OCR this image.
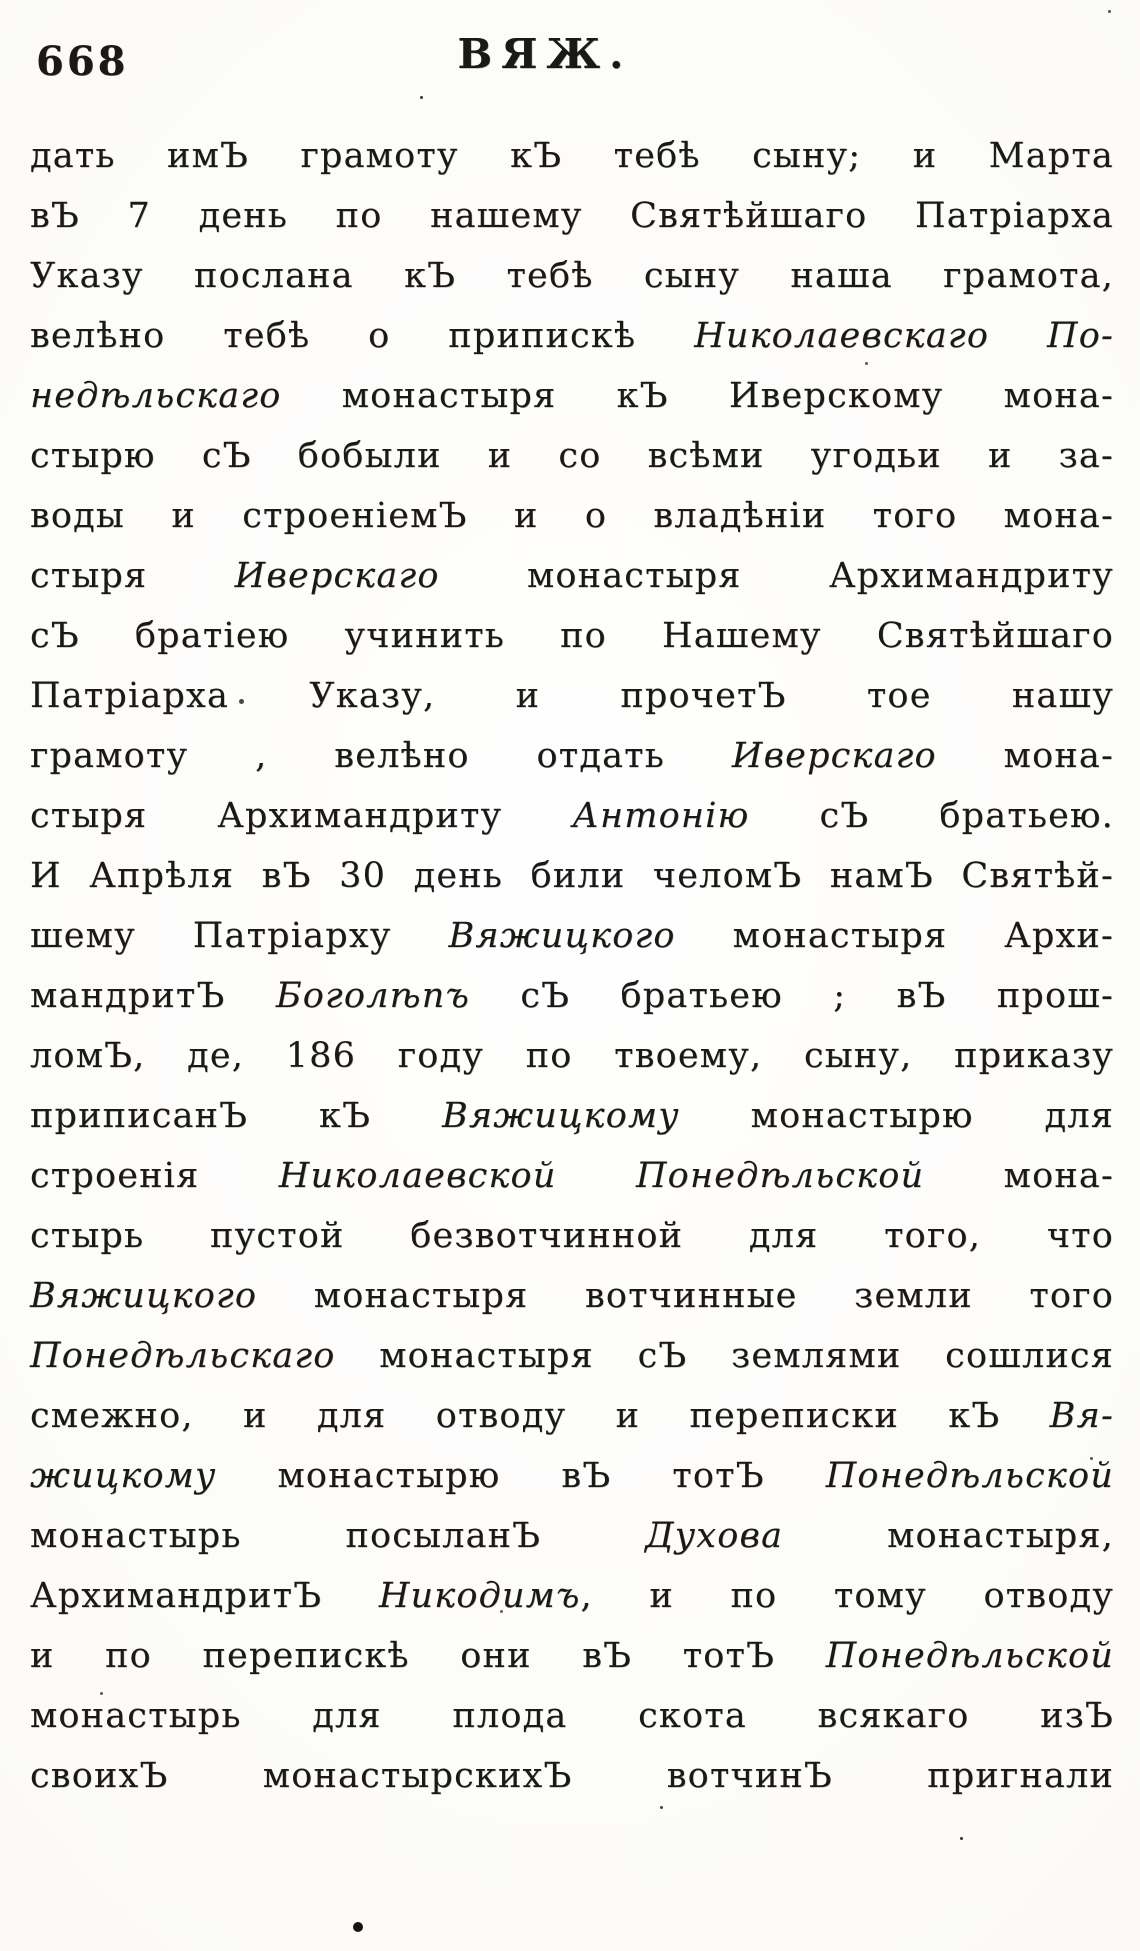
668	ВЯЖ.
дать имЪ грамоту кЪ тебѣ сыну; и Марта
вЪ 7 день по нашему Святѣйшаго Патріарха
Указу послана кЪ тебѣ сыну наша грамота,
велѣно тебѣ о припискѣ Николаевскаго По-
недѣльскаго монастыря кЪ Иверскому мона-
стырю сЪ бобыли и со всѣми угодьи и за-
воды и строеніемЪ и о владѣніи того мона-
стыря Иверскаго монастыря Архимандриту
сЪ братіею учинить по Нашему Святѣйшаго
Патріарха Указу, и прочетЪ тое нашу
грамоту , велѣно отдать Иверскаго мона-
стыря Архимандриту Антонію сЪ братьею.
И Апрѣля вЪ 30 день били челомЪ намЪ Святѣй-
шему Патріарху Вяжицкого монастыря Архи-
мандритЪ Боголѣпъ сЪ братьею ; вЪ прош-
ломЪ, де, 186 году по твоему, сыну, приказу
приписанЪ кЪ Вяжицкому монастырю для
строенія Николаевской Понедѣльской мона-
стырь пустой безвотчинной для того, что
Вяжицкого монастыря вотчинные земли того
Понедѣльскаго монастыря сЪ землями сошлися
смежно, и для отводу и переписки кЪ Вя-
жицкому монастырю вЪ тотЪ Понедѣльской
монастырь посыланЪ Духова монастыря,
АрхимандритЪ Никодимъ, и по тому отводу
и по перепискѣ они вЪ тотЪ Понедѣльской
монастырь для плода скота всякаго изЪ
своихЪ монастырскихЪ вотчинЪ пригнали
